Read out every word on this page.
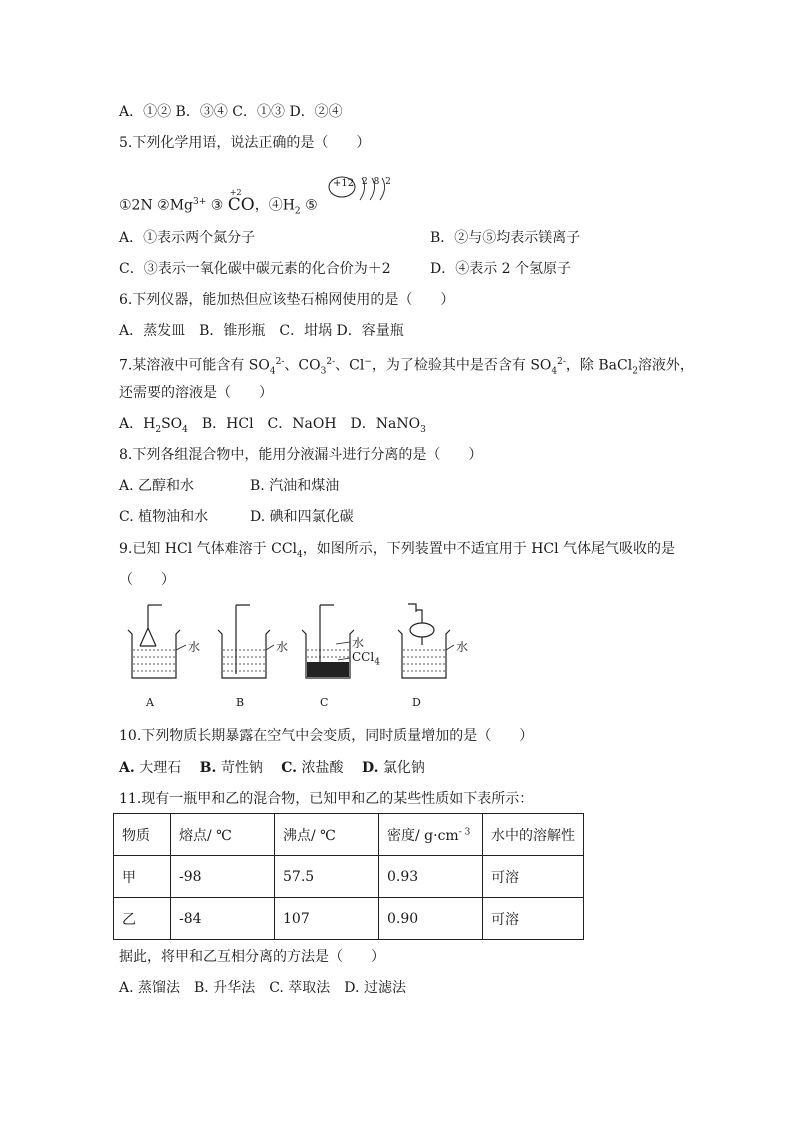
A．①② B．③④ C．①③ D．②④
5.下列化学用语，说法正确的是（　　）
①2N $②Mg^{3+}$ ③
+2
CO，$④H_2$ ⑤
+12 2 8 2
A．①表示两个氮分子	B．②与⑤均表示镁离子
C．③表示一氧化碳中碳元素的化合价为＋2	D．④表示 2 个氢原子
6.下列仪器，能加热但应该垫石棉网使用的是（　　）
A．蒸发皿　B．锥形瓶　C．坩埚 D．容量瓶
7.某溶液中可能含有 $SO_4^{2-}$、$CO_3^{2-}$、Cl−，为了检验其中是否含有 $SO_4^{2-}$，除 BaCl$_2$溶液外，
还需要的溶液是（　　）
A．$H_2SO_4$　B．HCl　C．NaOH　D．NaNO$_3$
8.下列各组混合物中，能用分液漏斗进行分离的是（　　）
A. 乙醇和水	B. 汽油和煤油
C. 植物油和水	D. 碘和四氯化碳
9.已知 HCl 气体难溶于 CCl$_4$，如图所示，下列装置中不适宜用于 HCl 气体尾气吸收的是
（　　）
水	水	水
CCl$_4$
水
A	B	C	D
10.下列物质长期暴露在空气中会变质，同时质量增加的是（　　）
A. 大理石　 B. 苛性钠　 C. 浓盐酸　 D. 氯化钠
11.现有一瓶甲和乙的混合物，已知甲和乙的某些性质如下表所示：
物质	熔点/ ℃	沸点/ ℃	密度/ $g\cdot cm^{- 3}$	水中的溶解性
甲	-98	57.5	0.93	可溶
乙	-84	107	0.90	可溶
据此，将甲和乙互相分离的方法是（　　）
A. 蒸馏法　B. 升华法　C. 萃取法　D. 过滤法
